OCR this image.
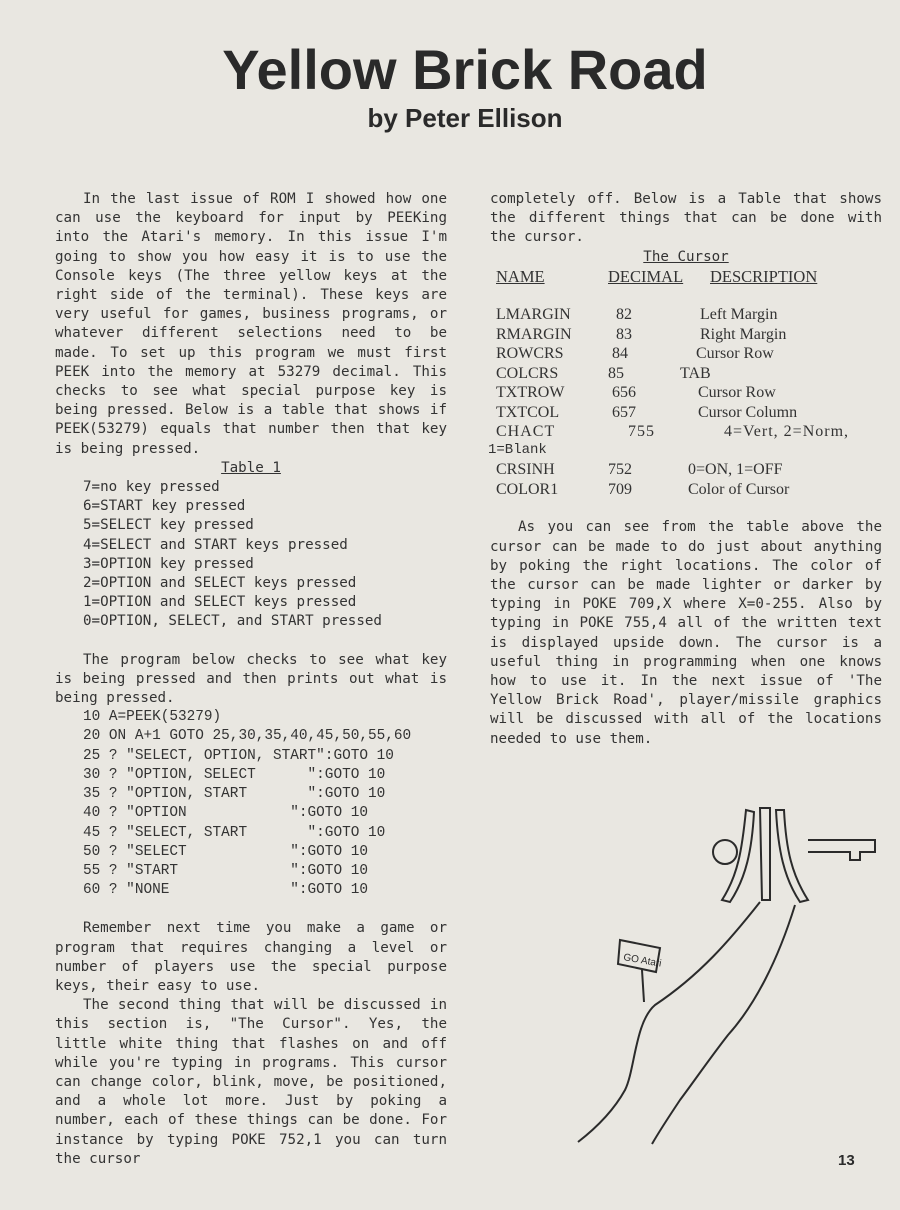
Yellow Brick Road
by Peter Ellison

In the last issue of ROM I showed how one can use the keyboard for input by PEEKing into the Atari's memory. In this issue I'm going to show you how easy it is to use the Console keys (The three yellow keys at the right side of the terminal). These keys are very useful for games, business programs, or whatever different selections need to be made. To set up this program we must first PEEK into the memory at 53279 decimal. This checks to see what special purpose key is being pressed. Below is a table that shows if PEEK(53279) equals that number then that key is being pressed.

Table 1
7=no key pressed
6=START key pressed
5=SELECT key pressed
4=SELECT and START keys pressed
3=OPTION key pressed
2=OPTION and SELECT keys pressed
1=OPTION and SELECT keys pressed
0=OPTION, SELECT, and START pressed

The program below checks to see what key is being pressed and then prints out what is being pressed.

10 A=PEEK(53279)
20 ON A+1 GOTO 25,30,35,40,45,50,55,60
25 ? "SELECT, OPTION, START":GOTO 10
30 ? "OPTION, SELECT      ":GOTO 10
35 ? "OPTION, START       ":GOTO 10
40 ? "OPTION            ":GOTO 10
45 ? "SELECT, START       ":GOTO 10
50 ? "SELECT            ":GOTO 10
55 ? "START             ":GOTO 10
60 ? "NONE              ":GOTO 10

Remember next time you make a game or program that requires changing a level or number of players use the special purpose keys, their easy to use.

The second thing that will be discussed in this section is, "The Cursor". Yes, the little white thing that flashes on and off while you're typing in programs. This cursor can change color, blink, move, be positioned, and a whole lot more. Just by poking a number, each of these things can be done. For instance by typing POKE 752,1 you can turn the cursor

completely off. Below is a Table that shows the different things that can be done with the cursor.

The Cursor
NAME	DECIMAL	DESCRIPTION
LMARGIN	82	Left Margin
RMARGIN	83	Right Margin
ROWCRS	84	Cursor Row
COLCRS	85	TAB
TXTROW	656	Cursor Row
TXTCOL	657	Cursor Column
CHACT	755	4=Vert, 2=Norm,
1=Blank
CRSINH	752	0=ON, 1=OFF
COLOR1	709	Color of Cursor

As you can see from the table above the cursor can be made to do just about anything by poking the right locations. The color of the cursor can be made lighter or darker by typing in POKE 709,X where X=0-255. Also by typing in POKE 755,4 all of the written text is displayed upside down. The cursor is a useful thing in programming when one knows how to use it. In the next issue of 'The Yellow Brick Road', player/missile graphics will be discussed with all of the locations needed to use them.

GO Atari
13
